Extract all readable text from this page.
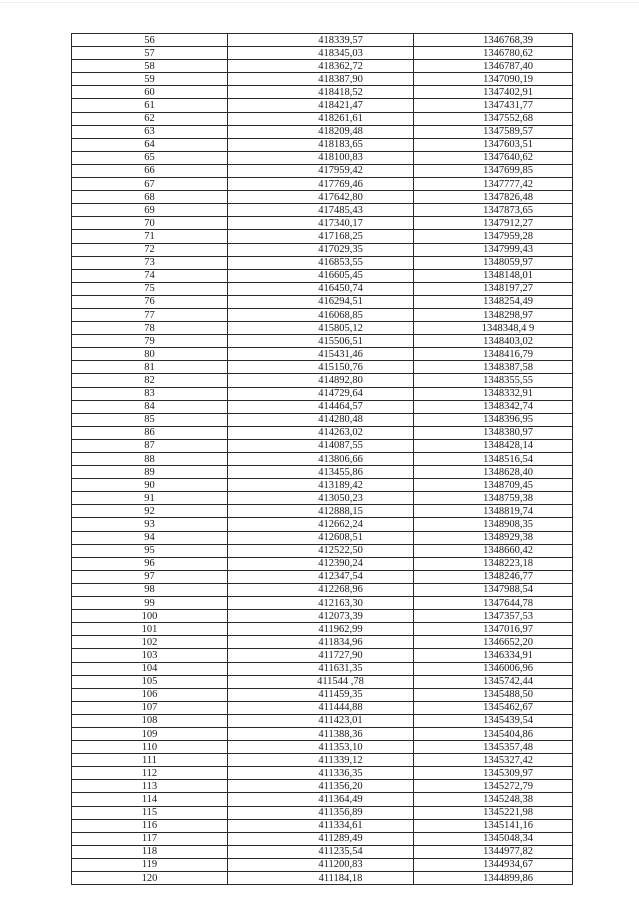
56	418339,57	1346768,39
57	418345,03	1346780,62
58	418362,72	1346787,40
59	418387,90	1347090,19
60	418418,52	1347402,91
61	418421,47	1347431,77
62	418261,61	1347552,68
63	418209,48	1347589,57
64	418183,65	1347603,51
65	418100,83	1347640,62
66	417959,42	1347699,85
67	417769,46	1347777,42
68	417642,80	1347826,48
69	417485,43	1347873,65
70	417340,17	1347912,27
71	417168,25	1347959,28
72	417029,35	1347999,43
73	416853,55	1348059,97
74	416605,45	1348148,01
75	416450,74	1348197,27
76	416294,51	1348254,49
77	416068,85	1348298,97
78	415805,12	1348348,4 9
79	415506,51	1348403,02
80	415431,46	1348416,79
81	415150,76	1348387,58
82	414892,80	1348355,55
83	414729,64	1348332,91
84	414464,57	1348342,74
85	414280,48	1348396,95
86	414263,02	1348380,97
87	414087,55	1348428,14
88	413806,66	1348516,54
89	413455,86	1348628,40
90	413189,42	1348709,45
91	413050,23	1348759,38
92	412888,15	1348819,74
93	412662,24	1348908,35
94	412608,51	1348929,38
95	412522,50	1348660,42
96	412390,24	1348223,18
97	412347,54	1348246,77
98	412268,96	1347988,54
99	412163,30	1347644,78
100	412073,39	1347357,53
101	411962,99	1347016,97
102	411834,96	1346652,20
103	411727,90	1346334,91
104	411631,35	1346006,96
105	411544 ,78	1345742,44
106	411459,35	1345488,50
107	411444,88	1345462,67
108	411423,01	1345439,54
109	411388,36	1345404,86
110	411353,10	1345357,48
111	411339,12	1345327,42
112	411336,35	1345309,97
113	411356,20	1345272,79
114	411364,49	1345248,38
115	411356,89	1345221,98
116	411334,61	1345141,16
117	411289,49	1345048,34
118	411235,54	1344977,82
119	411200,83	1344934,67
120	411184,18	1344899,86
